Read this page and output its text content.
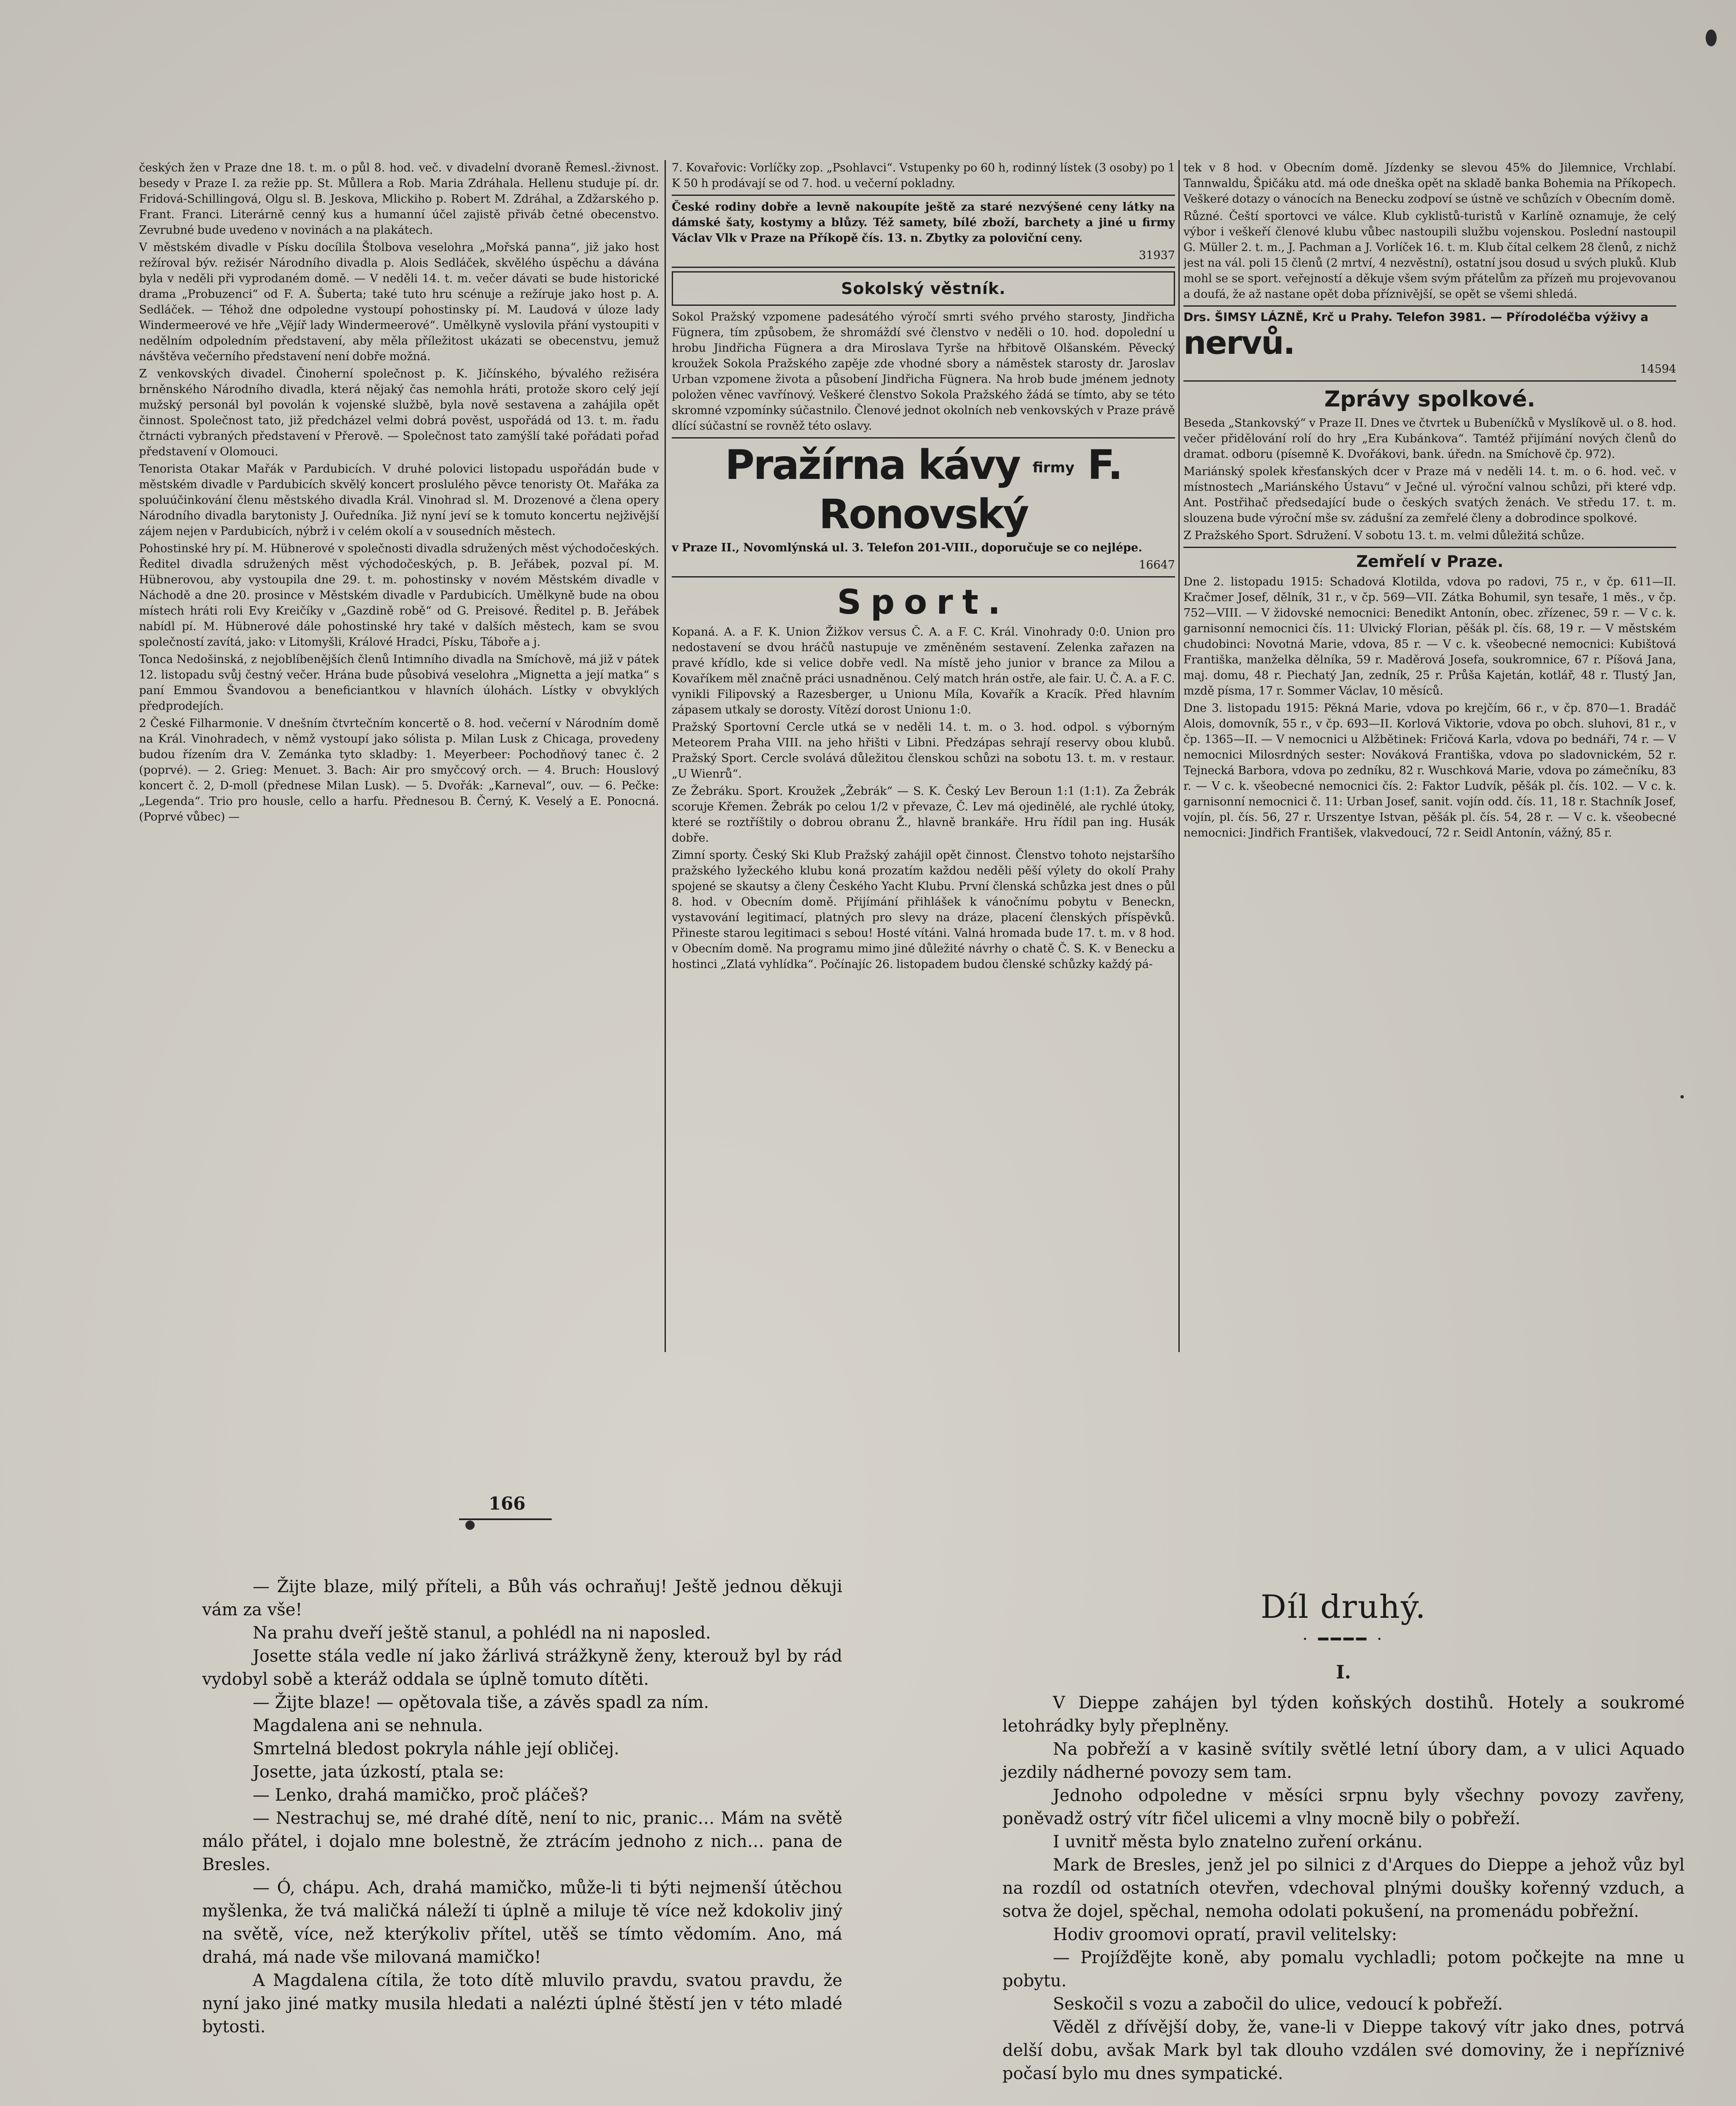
českých žen v Praze dne 18. t. m. o půl 8. hod. več. v divadelní dvoraně Řemesl.-živnost. besedy v Praze I. za režie pp. St. Můllera a Rob. Maria Zdráhala. Hellenu studuje pí. dr. Fridová-Schillingová, Olgu sl. B. Jeskova, Mlickiho p. Robert M. Zdráhal, a Zdžarského p. Frant. Franci. Literárně cenný kus a humanní účel zajistě přiváb četné obecenstvo. Zevrubné bude uvedeno v novinách a na plakátech.

V městském divadle v Písku docílila Štolbova veselohra „Mořská panna“, již jako host režíroval býv. režisér Národního divadla p. Alois Sedláček, skvělého úspěchu a dávána byla v neděli při vyprodaném domě. — V neděli 14. t. m. večer dávati se bude historické drama „Probuzenci“ od F. A. Šuberta; také tuto hru scénuje a režíruje jako host p. A. Sedláček. — Téhož dne odpoledne vystoupí pohostinsky pí. M. Laudová v úloze lady Windermeerové ve hře „Vějíř lady Windermeerové“. Umělkyně vyslovila přání vystoupiti v nedělním odpoledním představení, aby měla příležitost ukázati se obecenstvu, jemuž návštěva večerního představení není dobře možná.

Z venkovských divadel. Činoherní společnost p. K. Jičínského, bývalého režiséra brněnského Národního divadla, která nějaký čas nemohla hráti, protože skoro celý její mužský personál byl povolán k vojenské službě, byla nově sestavena a zahájila opět činnost. Společnost tato, již předcházel velmi dobrá pověst, uspořádá od 13. t. m. řadu čtrnácti vybraných představení v Přerově. — Společnost tato zamýšlí také pořádati pořad představení v Olomouci.

Tenorista Otakar Mařák v Pardubicích. V druhé polovici listopadu uspořádán bude v městském divadle v Pardubicích skvělý koncert proslulého pěvce tenoristy Ot. Mařáka za spoluúčinkování členu městského divadla Král. Vinohrad sl. M. Drozenové a člena opery Národního divadla barytonisty J. Ouředníka. Již nyní jeví se k tomuto koncertu nejživější zájem nejen v Pardubicích, nýbrž i v celém okolí a v sousedních městech.

Pohostinské hry pí. M. Hübnerové v společnosti divadla sdružených měst východočeských. Ředitel divadla sdružených měst východočeských, p. B. Jeřábek, pozval pí. M. Hübnerovou, aby vystoupila dne 29. t. m. pohostinsky v novém Městském divadle v Náchodě a dne 20. prosince v Městském divadle v Pardubicích. Umělkyně bude na obou místech hráti roli Evy Kreičíky v „Gazdině robě“ od G. Preisové. Ředitel p. B. Jeřábek nabídl pí. M. Hübnerové dále pohostinské hry také v dalších městech, kam se svou společností zavítá, jako: v Litomyšli, Králové Hradci, Písku, Táboře a j.

Tonca Nedošinská, z nejoblíbenějších členů Intimního divadla na Smíchově, má již v pátek 12. listopadu svůj čestný večer. Hrána bude působivá veselohra „Mignetta a její matka“ s paní Emmou Švandovou a beneficiantkou v hlavních úlohách. Lístky v obvyklých předprodejích.

2 České Filharmonie. V dnešním čtvrtečním koncertě o 8. hod. večerní v Národním domě na Král. Vinohradech, v němž vystoupí jako sólista p. Milan Lusk z Chicaga, provedeny budou řízením dra V. Zemánka tyto skladby: 1. Meyerbeer: Pochodňový tanec č. 2 (poprvé). — 2. Grieg: Menuet. 3. Bach: Air pro smyčcový orch. — 4. Bruch: Houslový koncert č. 2, D-moll (přednese Milan Lusk). — 5. Dvořák: „Karneval“, ouv. — 6. Pečke: „Legenda“. Trio pro housle, cello a harfu. Přednesou B. Černý, K. Veselý a E. Ponocná. (Poprvé vůbec) —

7. Kovařovic: Vorlíčky zop. „Psohlavci“. Vstupenky po 60 h, rodinný lístek (3 osoby) po 1 K 50 h prodávají se od 7. hod. u večerní pokladny.

České rodiny dobře a levně nakoupíte ještě za staré nezvýšené ceny látky na dámské šaty, kostymy a blůzy. Též samety, bílé zboží, barchety a jiné u firmy Václav Vlk v Praze na Příkopě čís. 13. n. Zbytky za poloviční ceny.

31937

Sokolský věstník.

Sokol Pražský vzpomene padesátého výročí smrti svého prvého starosty, Jindřicha Fügnera, tím způsobem, že shromáždí své členstvo v neděli o 10. hod. dopolední u hrobu Jindřicha Fügnera a dra Miroslava Tyrše na hřbitově Olšanském. Pěvecký kroužek Sokola Pražského zapěje zde vhodné sbory a náměstek starosty dr. Jaroslav Urban vzpomene života a působení Jindřicha Fügnera. Na hrob bude jménem jednoty položen věnec vavřínový. Veškeré členstvo Sokola Pražského žádá se tímto, aby se této skromné vzpomínky súčastnilo. Členové jednot okolních neb venkovských v Praze právě dlící súčastní se rovněž této oslavy.

Pražírna kávy firmy F. Ronovský

v Praze II., Novomlýnská ul. 3. Telefon 201-VIII., doporučuje se co nejlépe.

16647

Sport.

Kopaná. A. a F. K. Union Žižkov versus Č. A. a F. C. Král. Vinohrady 0:0. Union pro nedostavení se dvou hráčů nastupuje ve změněném sestavení. Zelenka zařazen na pravé křídlo, kde si velice dobře vedl. Na místě jeho junior v brance za Milou a Kovaříkem měl značně práci usnadněnou. Celý match hrán ostře, ale fair. U. Č. A. a F. C. vynikli Filipovský a Razesberger, u Unionu Míla, Kovařík a Kracík. Před hlavním zápasem utkaly se dorosty. Vítězí dorost Unionu 1:0.

Pražský Sportovní Cercle utká se v neděli 14. t. m. o 3. hod. odpol. s výborným Meteorem Praha VIII. na jeho hřišti v Libni. Předzápas sehrají reservy obou klubů. Pražský Sport. Cercle svolává důležitou členskou schůzi na sobotu 13. t. m. v restaur. „U Wienrů“.

Ze Žebráku. Sport. Kroužek „Žebrák“ — S. K. Český Lev Beroun 1:1 (1:1). Za Žebrák scoruje Křemen. Žebrák po celou 1/2 v převaze, Č. Lev má ojedinělé, ale rychlé útoky, které se roztříštily o dobrou obranu Ž., hlavně brankáře. Hru řídil pan ing. Husák dobře.

Zimní sporty. Český Ski Klub Pražský zahájil opět činnost. Členstvo tohoto nejstaršího pražského lyžeckého klubu koná prozatím každou neděli pěší výlety do okolí Prahy spojené se skautsy a členy Českého Yacht Klubu. První členská schůzka jest dnes o půl 8. hod. v Obecním domě. Přijímání přihlášek k vánočnímu pobytu v Beneckn, vystavování legitimací, platných pro slevy na dráze, placení členských příspěvků. Přineste starou legitimaci s sebou! Hosté vítáni. Valná hromada bude 17. t. m. v 8 hod. v Obecním domě. Na programu mimo jiné důležité návrhy o chatě Č. S. K. v Benecku a hostinci „Zlatá vyhlídka“. Počínajíc 26. listopadem budou členské schůzky každý pá-

tek v 8 hod. v Obecním domě. Jízdenky se slevou 45% do Jilemnice, Vrchlabí. Tannwaldu, Špičáku atd. má ode dneška opět na skladě banka Bohemia na Příkopech. Veškeré dotazy o vánocích na Benecku zodpoví se ústně ve schůzích v Obecním domě.

Různé. Čeští sportovci ve válce. Klub cyklistů-turistů v Karlíně oznamuje, že celý výbor i veškeří členové klubu vůbec nastoupili službu vojenskou. Poslední nastoupil G. Müller 2. t. m., J. Pachman a J. Vorlíček 16. t. m. Klub čítal celkem 28 členů, z nichž jest na vál. poli 15 členů (2 mrtví, 4 nezvěstní), ostatní jsou dosud u svých pluků. Klub mohl se se sport. veřejností a děkuje všem svým přátelům za přízeň mu projevovanou a doufá, že až nastane opět doba příznivější, se opět se všemi shledá.

Drs. ŠIMSY LÁZNĚ, Krč u Prahy. Telefon 3981. — Přírodoléčba výživy a nervů.

14594

Zprávy spolkové.

Beseda „Stankovský“ v Praze II. Dnes ve čtvrtek u Bubeníčků v Myslíkově ul. o 8. hod. večer přidělování rolí do hry „Era Kubánkova“. Tamtéž přijímání nových členů do dramat. odboru (písemně K. Dvořákovi, bank. úředn. na Smíchově čp. 972).

Mariánský spolek křesťanských dcer v Praze má v neděli 14. t. m. o 6. hod. več. v místnostech „Mariánského Ústavu“ v Ječné ul. výroční valnou schůzi, při které vdp. Ant. Postřihač předsedající bude o českých svatých ženách. Ve středu 17. t. m. slouzena bude výroční mše sv. zádušní za zemřelé členy a dobrodince spolkové.

Z Pražského Sport. Sdružení. V sobotu 13. t. m. velmi důležitá schůze.

Zemřelí v Praze.

Dne 2. listopadu 1915: Schadová Klotilda, vdova po radovi, 75 r., v čp. 611—II. Kračmer Josef, dělník, 31 r., v čp. 569—VII. Zátka Bohumil, syn tesaře, 1 měs., v čp. 752—VIII. — V židovské nemocnici: Benedikt Antonín, obec. zřízenec, 59 r. — V c. k. garnisonní nemocnici čís. 11: Ulvický Florian, pěšák pl. čís. 68, 19 r. — V městském chudobinci: Novotná Marie, vdova, 85 r. — V c. k. všeobecné nemocnici: Kubištová Františka, manželka dělníka, 59 r. Maděrová Josefa, soukromnice, 67 r. Píšová Jana, maj. domu, 48 r. Piechatý Jan, zedník, 25 r. Průša Kajetán, kotlář, 48 r. Tlustý Jan, mzdě písma, 17 r. Sommer Václav, 10 měsíců.

Dne 3. listopadu 1915: Pěkná Marie, vdova po krejčím, 66 r., v čp. 870—1. Bradáč Alois, domovník, 55 r., v čp. 693—II. Korlová Viktorie, vdova po obch. sluhovi, 81 r., v čp. 1365—II. — V nemocnici u Alžbětinek: Fričová Karla, vdova po bednáři, 74 r. — V nemocnici Milosrdných sester: Nováková Františka, vdova po sladovnickém, 52 r. Tejnecká Barbora, vdova po zedníku, 82 r. Wuschková Marie, vdova po zámečníku, 83 r. — V c. k. všeobecné nemocnici čís. 2: Faktor Ludvík, pěšák pl. čís. 102. — V c. k. garnisonní nemocnici č. 11: Urban Josef, sanit. vojín odd. čís. 11, 18 r. Stachník Josef, vojín, pl. čís. 56, 27 r. Urszentye Istvan, pěšák pl. čís. 54, 28 r. — V c. k. všeobecné nemocnici: Jindřich František, vlakvedoucí, 72 r. Seidl Antonín, vážný, 85 r.

166

— Žijte blaze, milý příteli, a Bůh vás ochraňuj! Ještě jednou děkuji vám za vše!

Na prahu dveří ještě stanul, a pohlédl na ni naposled.

Josette stála vedle ní jako žárlivá strážkyně ženy, kterouž byl by rád vydobyl sobě a kteráž oddala se úplně tomuto dítěti.

— Žijte blaze! — opětovala tiše, a závěs spadl za ním.

Magdalena ani se nehnula.

Smrtelná bledost pokryla náhle její obličej.

Josette, jata úzkostí, ptala se:

— Lenko, drahá mamičko, proč pláčeš?

— Nestrachuj se, mé drahé dítě, není to nic, pranic… Mám na světě málo přátel, i dojalo mne bolestně, že ztrácím jednoho z nich… pana de Bresles.

— Ó, chápu. Ach, drahá mamičko, může-li ti býti nejmenší útěchou myšlenka, že tvá maličká náleží ti úplně a miluje tě více než kdokoliv jiný na světě, více, než kterýkoliv přítel, utěš se tímto vědomím. Ano, má drahá, má nade vše milovaná mamičko!

A Magdalena cítila, že toto dítě mluvilo pravdu, svatou pravdu, že nyní jako jiné matky musila hledati a nalézti úplné štěstí jen v této mladé bytosti.

Díl druhý.
· ━━━━ ·
I.

V Dieppe zahájen byl týden koňských dostihů. Hotely a soukromé letohrádky byly přeplněny.

Na pobřeží a v kasině svítily světlé letní úbory dam, a v ulici Aquado jezdily nádherné povozy sem tam.

Jednoho odpoledne v měsíci srpnu byly všechny povozy zavřeny, poněvadž ostrý vítr fičel ulicemi a vlny mocně bily o pobřeží.

I uvnitř města bylo znatelno zuření orkánu.

Mark de Bresles, jenž jel po silnici z d'Arques do Dieppe a jehož vůz byl na rozdíl od ostatních otevřen, vdechoval plnými doušky kořenný vzduch, a sotva že dojel, spěchal, nemoha odolati pokušení, na promenádu pobřežní.

Hodiv groomovi opratí, pravil velitelsky:

— Projížďějte koně, aby pomalu vychladli; potom počkejte na mne u pobytu.

Seskočil s vozu a zabočil do ulice, vedoucí k pobřeží.

Věděl z dřívější doby, že, vane-li v Dieppe takový vítr jako dnes, potrvá delší dobu, avšak Mark byl tak dlouho vzdálen své domoviny, že i nepříznivé počasí bylo mu dnes sympatické.
